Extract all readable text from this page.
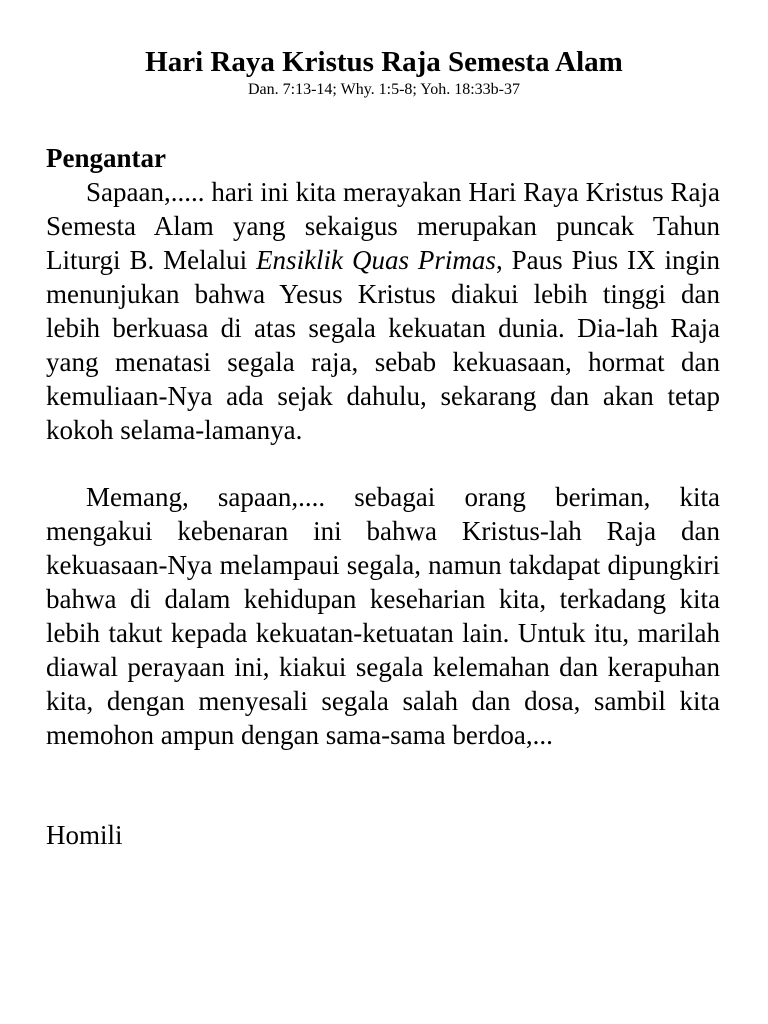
Hari Raya Kristus Raja Semesta Alam
Dan. 7:13-14; Why. 1:5-8; Yoh. 18:33b-37
Pengantar

Sapaan,..... hari ini kita merayakan Hari Raya Kristus Raja Semesta Alam yang sekaigus merupakan puncak Tahun Liturgi B. Melalui Ensiklik Quas Primas, Paus Pius IX ingin menunjukan bahwa Yesus Kristus diakui lebih tinggi dan lebih berkuasa di atas segala kekuatan dunia. Dia-lah Raja yang menatasi segala raja, sebab kekuasaan, hormat dan kemuliaan-Nya ada sejak dahulu, sekarang dan akan tetap kokoh selama-lamanya.

Memang, sapaan,.... sebagai orang beriman, kita mengakui kebenaran ini bahwa Kristus-lah Raja dan kekuasaan-Nya melampaui segala, namun takdapat dipungkiri bahwa di dalam kehidupan keseharian kita, terkadang kita lebih takut kepada kekuatan-ketuatan lain. Untuk itu, marilah diawal perayaan ini, kiakui segala kelemahan dan kerapuhan kita, dengan menyesali segala salah dan dosa, sambil kita memohon ampun dengan sama-sama berdoa,...

Homili
